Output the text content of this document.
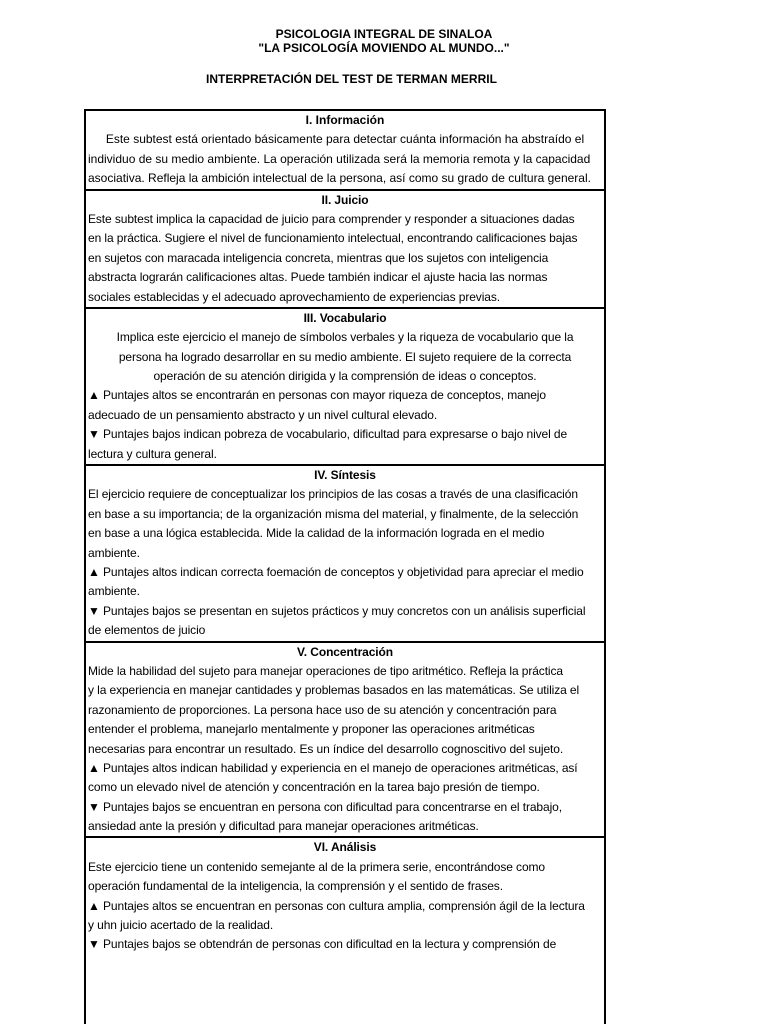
PSICOLOGIA INTEGRAL DE SINALOA
"LA PSICOLOGÍA MOVIENDO AL MUNDO..."
INTERPRETACIÓN DEL TEST DE TERMAN MERRIL
I. Información
Este subtest está orientado básicamente para detectar cuánta información ha abstraído el
individuo de su medio ambiente. La operación utilizada será la memoria remota y la capacidad
asociativa. Refleja la ambición intelectual de la persona, así como su grado de cultura general.
II. Juicio
Este subtest implica la capacidad de juicio para comprender y responder a situaciones dadas
en la práctica. Sugiere el nivel de funcionamiento intelectual, encontrando calificaciones bajas
en sujetos con maracada inteligencia concreta, mientras que los sujetos con inteligencia
abstracta lograrán calificaciones altas. Puede también indicar el ajuste hacia las normas
sociales establecidas y el adecuado aprovechamiento de experiencias previas.
III. Vocabulario
Implica este ejercicio el manejo de símbolos verbales y la riqueza de vocabulario que la
persona ha logrado desarrollar en su medio ambiente. El sujeto requiere de la correcta
operación de su atención dirigida y la comprensión de ideas o conceptos.
▲ Puntajes altos se encontrarán en personas con mayor riqueza de conceptos, manejo
adecuado de un pensamiento abstracto y un nivel cultural elevado.
▼ Puntajes bajos indican pobreza de vocabulario, dificultad para expresarse o bajo nivel de
lectura y cultura general.
IV. Síntesis
El ejercicio requiere de conceptualizar los principios de las cosas a través de una clasificación
en base a su importancia; de la organización misma del material, y finalmente, de la selección
en base a una lógica establecida. Mide la calidad de la información lograda en el medio
ambiente.
▲ Puntajes altos indican correcta foemación de conceptos y objetividad para apreciar el medio
ambiente.
▼ Puntajes bajos se presentan en sujetos prácticos y muy concretos con un análisis superficial
de elementos de juicio
V. Concentración
Mide la habilidad del sujeto para manejar operaciones de tipo aritmético. Refleja la práctica
y la experiencia en manejar cantidades y problemas basados en las matemáticas. Se utiliza el
razonamiento de proporciones. La persona hace uso de su atención y concentración para
entender el problema, manejarlo mentalmente y proponer las operaciones aritméticas
necesarias para encontrar un resultado. Es un índice del desarrollo cognoscitivo del sujeto.
▲ Puntajes altos indican habilidad y experiencia en el manejo de operaciones aritméticas, así
como un elevado nivel de atención y concentración en la tarea bajo presión de tiempo.
▼ Puntajes bajos se encuentran en persona con dificultad para concentrarse en el trabajo,
ansiedad ante la presión y dificultad para manejar operaciones aritméticas.
VI. Análisis
Este ejercicio tiene un contenido semejante al de la primera serie, encontrándose como
operación fundamental de la inteligencia, la comprensión y el sentido de frases.
▲ Puntajes altos se encuentran en personas con cultura amplia, comprensión ágil de la lectura
y uhn juicio acertado de la realidad.
▼ Puntajes bajos se obtendrán de personas con dificultad en la lectura y comprensión de
